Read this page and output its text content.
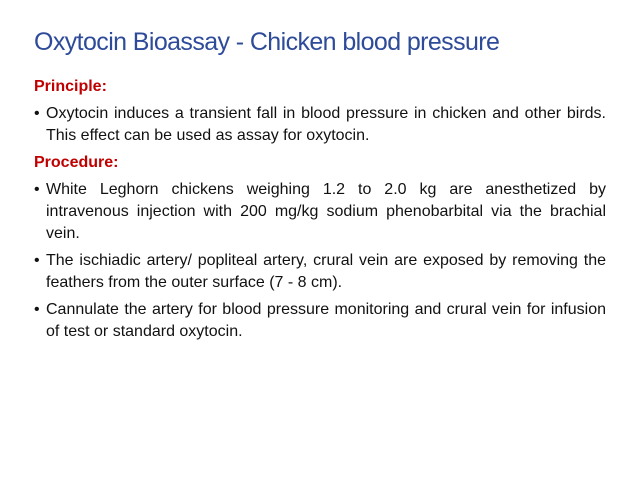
Oxytocin Bioassay - Chicken blood pressure
Principle:
• Oxytocin induces a transient fall in blood pressure in chicken and other birds. This effect can be used as assay for oxytocin.
Procedure:
• White Leghorn chickens weighing 1.2 to 2.0 kg are anesthetized by intravenous injection with 200 mg/kg sodium phenobarbital via the brachial vein.
• The ischiadic artery/ popliteal artery, crural vein are exposed by removing the feathers from the outer surface (7 - 8 cm).
• Cannulate the artery for blood pressure monitoring and crural vein for infusion of test or standard oxytocin.
